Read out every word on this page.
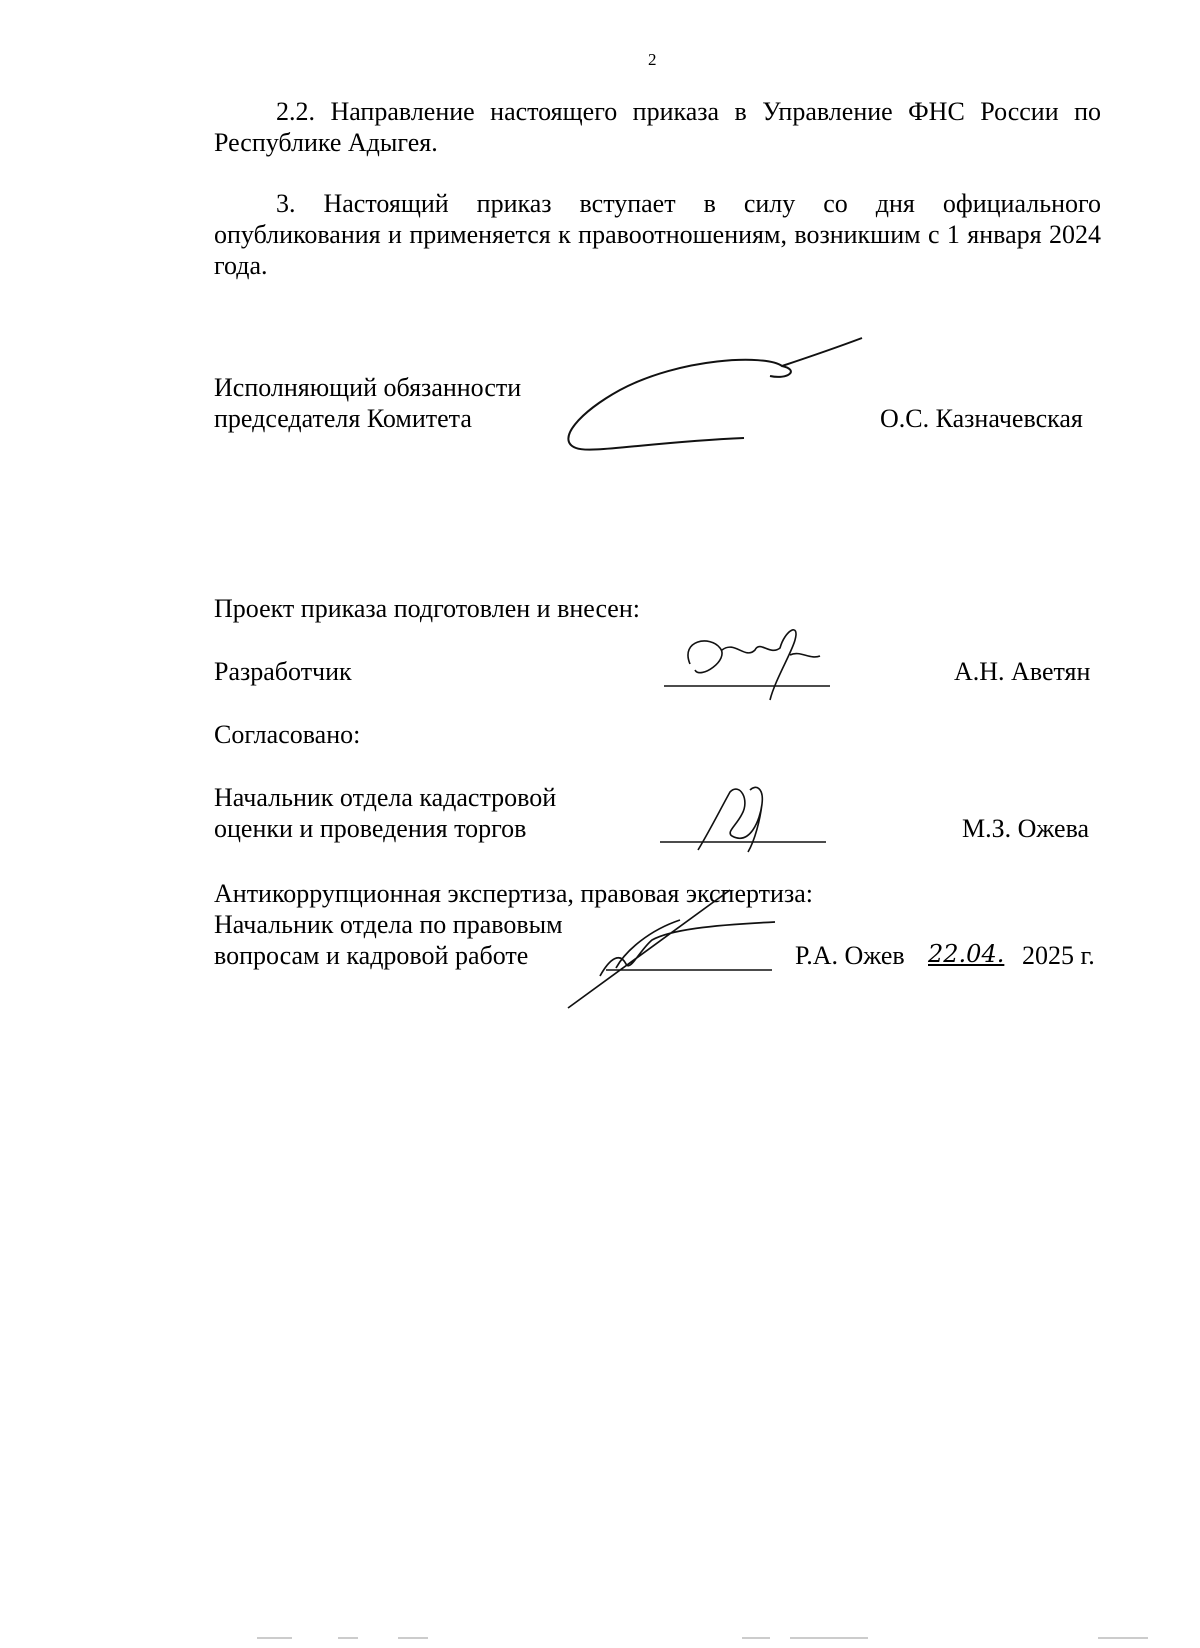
2
2.2. Направление настоящего приказа в Управление ФНС России по Республике Адыгея.
3. Настоящий приказ вступает в силу со дня официального опубликования и применяется к правоотношениям, возникшим с 1 января 2024 года.
Исполняющий обязанности
председателя Комитета	О.С. Казначевская
Проект приказа подготовлен и внесен:
Разработчик	А.Н. Аветян
Согласовано:
Начальник отдела кадастровой
оценки и проведения торгов	М.З. Ожева
Антикоррупционная экспертиза, правовая экспертиза:
Начальник отдела по правовым
вопросам и кадровой работе	Р.А. Ожев 22.04. 2025 г.
